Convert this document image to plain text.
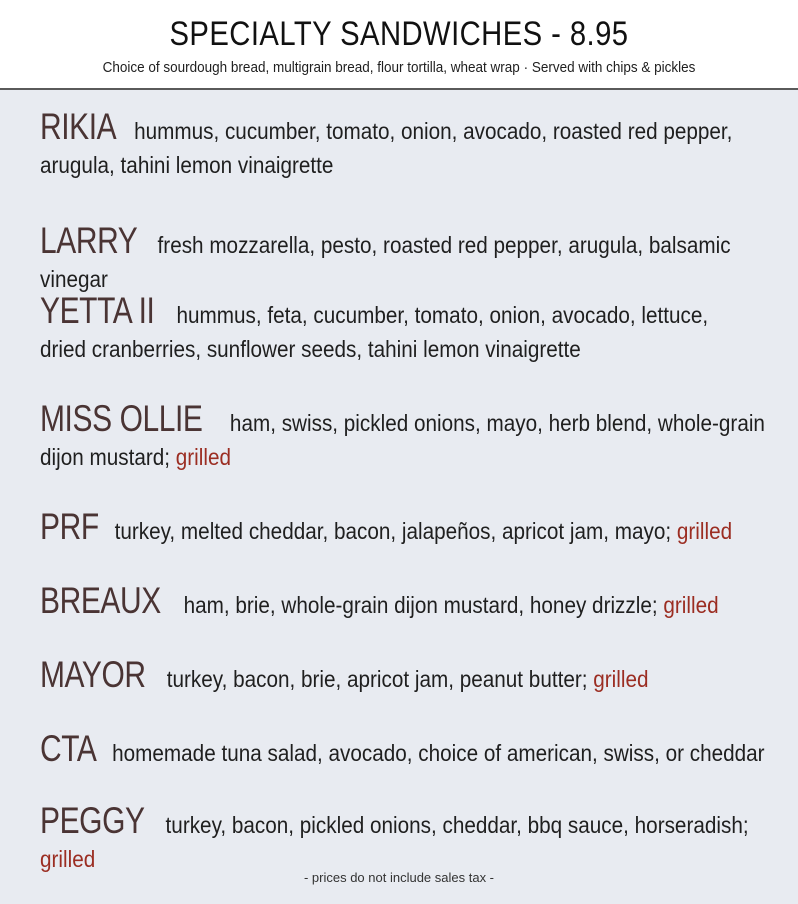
SPECIALTY SANDWICHES - 8.95
Choice of sourdough bread, multigrain bread, flour tortilla, wheat wrap · Served with chips & pickles
RIKIA hummus, cucumber, tomato, onion, avocado, roasted red pepper,
arugula, tahini lemon vinaigrette
LARRY fresh mozzarella, pesto, roasted red pepper, arugula, balsamic vinegar
YETTA II hummus, feta, cucumber, tomato, onion, avocado, lettuce,
dried cranberries, sunflower seeds, tahini lemon vinaigrette
MISS OLLIE ham, swiss, pickled onions, mayo, herb blend, whole-grain
dijon mustard; grilled
PRF turkey, melted cheddar, bacon, jalapeños, apricot jam, mayo; grilled
BREAUX ham, brie, whole-grain dijon mustard, honey drizzle; grilled
MAYOR turkey, bacon, brie, apricot jam, peanut butter; grilled
CTA homemade tuna salad, avocado, choice of american, swiss, or cheddar
PEGGY turkey, bacon, pickled onions, cheddar, bbq sauce, horseradish; grilled
- prices do not include sales tax -
